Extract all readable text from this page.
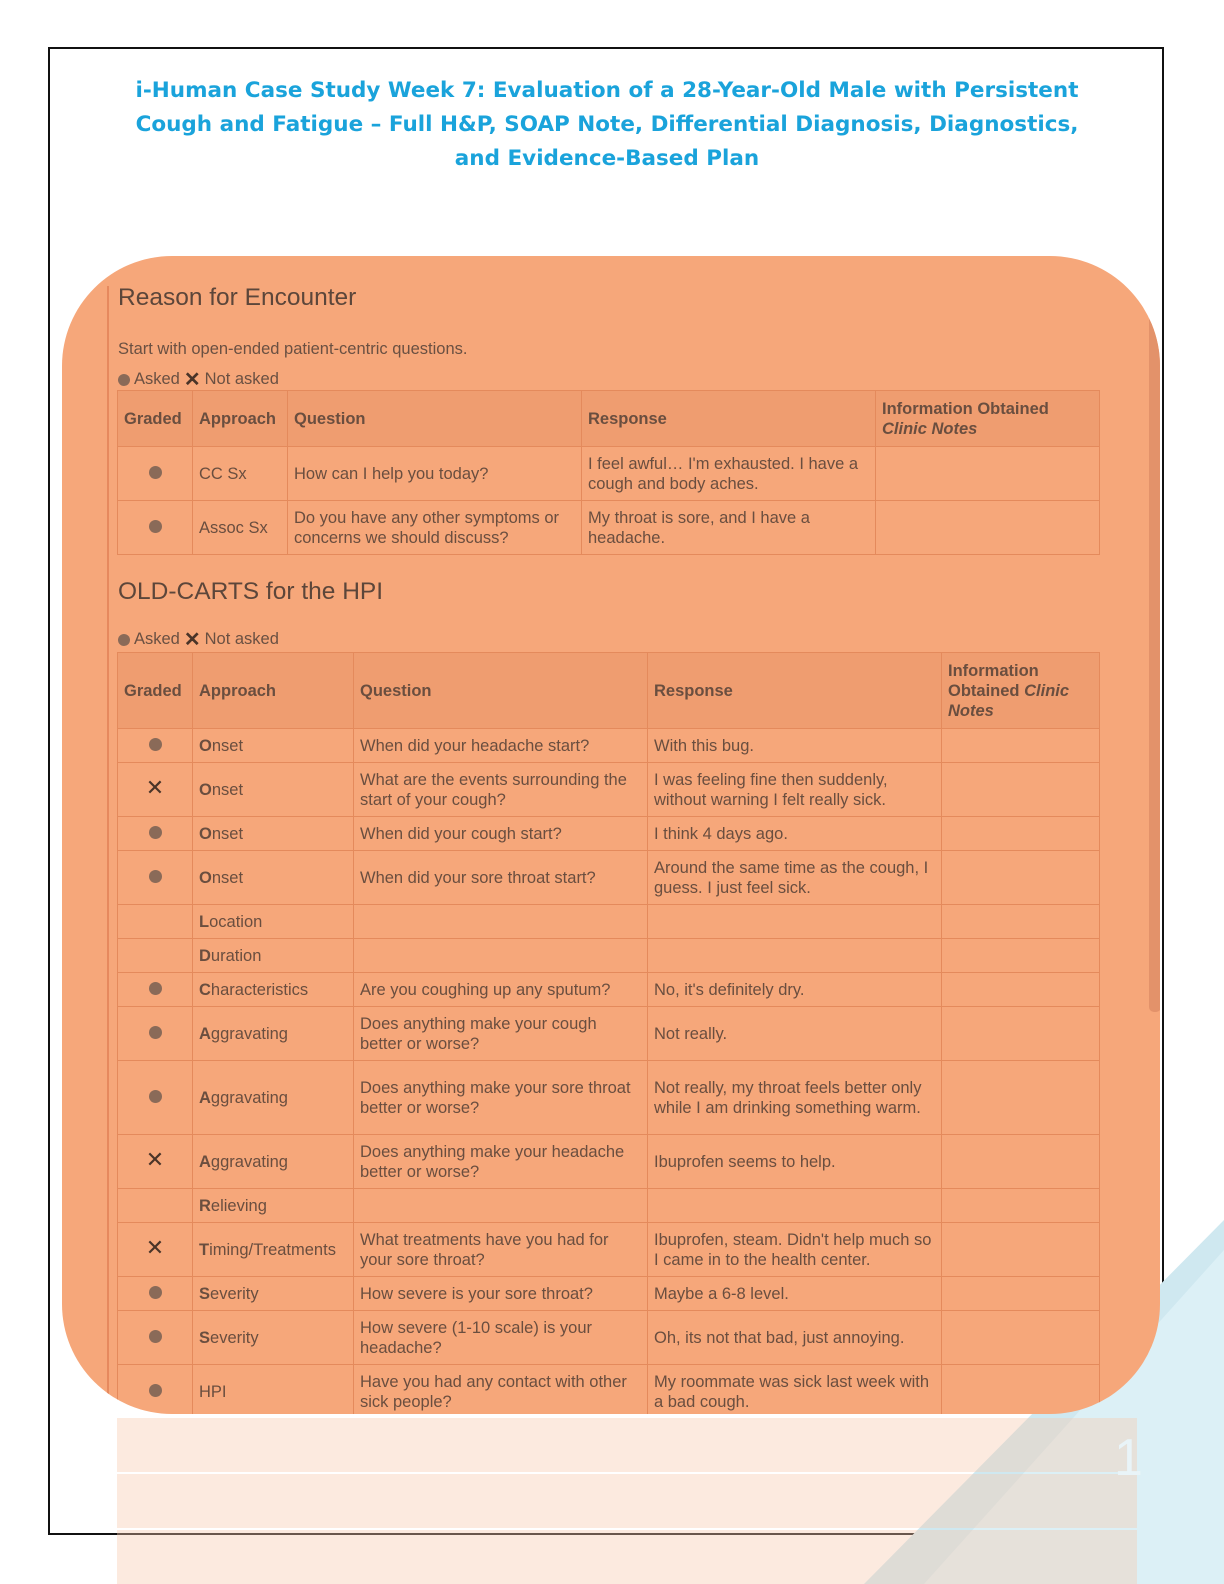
i-Human Case Study Week 7: Evaluation of a 28-Year-Old Male with Persistent Cough and Fatigue – Full H&P, SOAP Note, Differential Diagnosis, Diagnostics, and Evidence-Based Plan
Reason for Encounter
Start with open-ended patient-centric questions.
Asked ✕ Not asked
Graded	Approach	Question	Response	Information Obtained
Clinic Notes
	CC Sx	How can I help you today?	I feel awful… I'm exhausted. I have a cough and body aches.	
	Assoc Sx	Do you have any other symptoms or concerns we should discuss?	My throat is sore, and I have a headache.	
OLD-CARTS for the HPI
Asked ✕ Not asked
Graded	Approach	Question	Response	Information Obtained Clinic Notes
	Onset	When did your headache start?	With this bug.	
✕	Onset	What are the events surrounding the start of your cough?	I was feeling fine then suddenly, without warning I felt really sick.	
	Onset	When did your cough start?	I think 4 days ago.	
	Onset	When did your sore throat start?	Around the same time as the cough, I guess. I just feel sick.	
	Location			
	Duration			
	Characteristics	Are you coughing up any sputum?	No, it's definitely dry.	
	Aggravating	Does anything make your cough better or worse?	Not really.	
	Aggravating	Does anything make your sore throat better or worse?	Not really, my throat feels better only while I am drinking something warm.	
✕	Aggravating	Does anything make your headache better or worse?	Ibuprofen seems to help.	
	Relieving			
✕	Timing/Treatments	What treatments have you had for your sore throat?	Ibuprofen, steam. Didn't help much so I came in to the health center.	
	Severity	How severe is your sore throat?	Maybe a 6-8 level.	
	Severity	How severe (1-10 scale) is your headache?	Oh, its not that bad, just annoying.	
	HPI	Have you had any contact with other sick people?	My roommate was sick last week with a bad cough.	
1
